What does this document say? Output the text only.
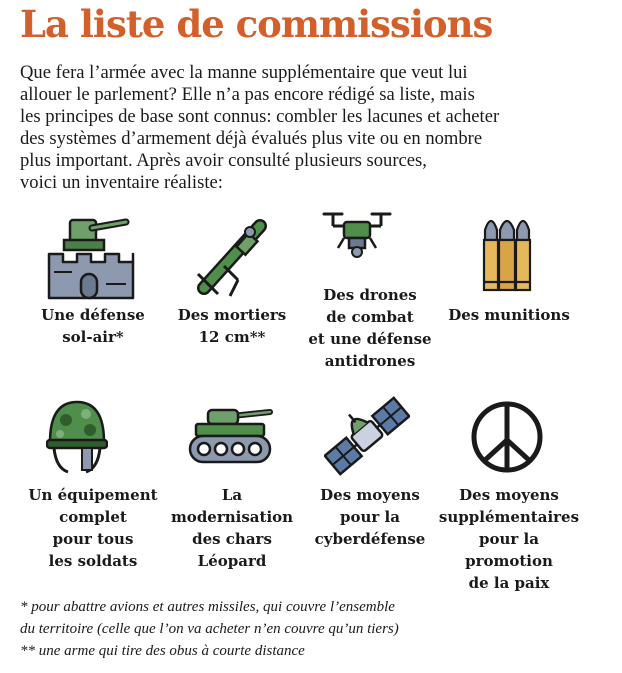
La liste de commissions

Que fera l’armée avec la manne supplémentaire que veut lui
allouer le parlement? Elle n’a pas encore rédigé sa liste, mais
les principes de base sont connus: combler les lacunes et acheter
des systèmes d’armement déjà évalués plus vite ou en nombre
plus important. Après avoir consulté plusieurs sources,
voici un inventaire réaliste:

Une défense
sol-air*
Des mortiers
12 cm**
Des drones
de combat
et une défense
antidrones
Des munitions
Un équipement
complet
pour tous
les soldats
La
modernisation
des chars
Léopard
Des moyens
pour la
cyberdéfense
Des moyens
supplémentaires
pour la
promotion
de la paix
* pour abattre avions et autres missiles, qui couvre l’ensemble
du territoire (celle que l’on va acheter n’en couvre qu’un tiers)
** une arme qui tire des obus à courte distance
